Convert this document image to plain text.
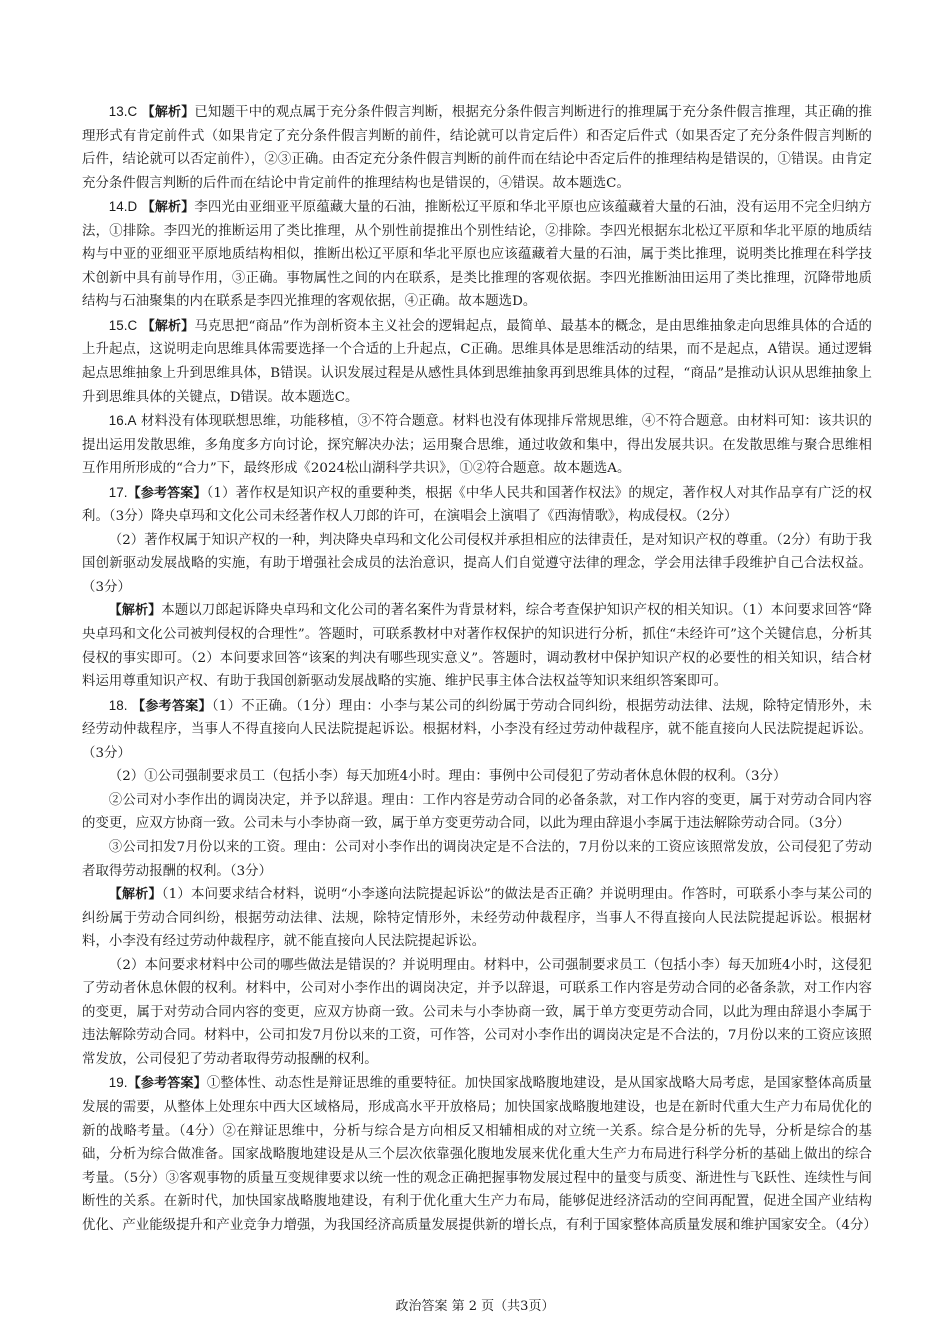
13.C 【解析】已知题干中的观点属于充分条件假言判断，根据充分条件假言判断进行的推理属于充分条件假言推理，其正确的推理形式有肯定前件式（如果肯定了充分条件假言判断的前件，结论就可以肯定后件）和否定后件式（如果否定了充分条件假言判断的后件，结论就可以否定前件），②③正确。由否定充分条件假言判断的前件而在结论中否定后件的推理结构是错误的，①错误。由肯定充分条件假言判断的后件而在结论中肯定前件的推理结构也是错误的，④错误。故本题选C。

14.D 【解析】李四光由亚细亚平原蕴藏大量的石油，推断松辽平原和华北平原也应该蕴藏着大量的石油，没有运用不完全归纳方法，①排除。李四光的推断运用了类比推理，从个别性前提推出个别性结论，②排除。李四光根据东北松辽平原和华北平原的地质结构与中亚的亚细亚平原地质结构相似，推断出松辽平原和华北平原也应该蕴藏着大量的石油，属于类比推理，说明类比推理在科学技术创新中具有前导作用，③正确。事物属性之间的内在联系，是类比推理的客观依据。李四光推断油田运用了类比推理，沉降带地质结构与石油聚集的内在联系是李四光推理的客观依据，④正确。故本题选D。

15.C 【解析】马克思把“商品”作为剖析资本主义社会的逻辑起点，最简单、最基本的概念，是由思维抽象走向思维具体的合适的上升起点，这说明走向思维具体需要选择一个合适的上升起点，C正确。思维具体是思维活动的结果，而不是起点，A错误。通过逻辑起点思维抽象上升到思维具体，B错误。认识发展过程是从感性具体到思维抽象再到思维具体的过程，“商品”是推动认识从思维抽象上升到思维具体的关键点，D错误。故本题选C。

16.A 材料没有体现联想思维，功能移植，③不符合题意。材料也没有体现排斥常规思维，④不符合题意。由材料可知：该共识的提出运用发散思维，多角度多方向讨论，探究解决办法；运用聚合思维，通过收敛和集中，得出发展共识。在发散思维与聚合思维相互作用所形成的“合力”下，最终形成《2024松山湖科学共识》，①②符合题意。故本题选A。

17.【参考答案】（1）著作权是知识产权的重要种类，根据《中华人民共和国著作权法》的规定，著作权人对其作品享有广泛的权利。（3分）降央卓玛和文化公司未经著作权人刀郎的许可，在演唱会上演唱了《西海情歌》，构成侵权。（2分）

（2）著作权属于知识产权的一种，判决降央卓玛和文化公司侵权并承担相应的法律责任，是对知识产权的尊重。（2分）有助于我国创新驱动发展战略的实施，有助于增强社会成员的法治意识，提高人们自觉遵守法律的理念，学会用法律手段维护自己合法权益。（3分）

【解析】本题以刀郎起诉降央卓玛和文化公司的著名案件为背景材料，综合考查保护知识产权的相关知识。（1）本问要求回答“降央卓玛和文化公司被判侵权的合理性”。答题时，可联系教材中对著作权保护的知识进行分析，抓住“未经许可”这个关键信息，分析其侵权的事实即可。（2）本问要求回答“该案的判决有哪些现实意义”。答题时，调动教材中保护知识产权的必要性的相关知识，结合材料运用尊重知识产权、有助于我国创新驱动发展战略的实施、维护民事主体合法权益等知识来组织答案即可。

18. 【参考答案】（1）不正确。（1分）理由：小李与某公司的纠纷属于劳动合同纠纷，根据劳动法律、法规，除特定情形外，未经劳动仲裁程序，当事人不得直接向人民法院提起诉讼。根据材料，小李没有经过劳动仲裁程序，就不能直接向人民法院提起诉讼。（3分）

（2）①公司强制要求员工（包括小李）每天加班4小时。理由：事例中公司侵犯了劳动者休息休假的权利。（3分）

②公司对小李作出的调岗决定，并予以辞退。理由：工作内容是劳动合同的必备条款，对工作内容的变更，属于对劳动合同内容的变更，应双方协商一致。公司未与小李协商一致，属于单方变更劳动合同，以此为理由辞退小李属于违法解除劳动合同。（3分）

③公司扣发7月份以来的工资。理由：公司对小李作出的调岗决定是不合法的，7月份以来的工资应该照常发放，公司侵犯了劳动者取得劳动报酬的权利。（3分）

【解析】（1）本问要求结合材料，说明“小李遂向法院提起诉讼”的做法是否正确？并说明理由。作答时，可联系小李与某公司的纠纷属于劳动合同纠纷，根据劳动法律、法规，除特定情形外，未经劳动仲裁程序，当事人不得直接向人民法院提起诉讼。根据材料，小李没有经过劳动仲裁程序，就不能直接向人民法院提起诉讼。

（2）本问要求材料中公司的哪些做法是错误的？并说明理由。材料中，公司强制要求员工（包括小李）每天加班4小时，这侵犯了劳动者休息休假的权利。材料中，公司对小李作出的调岗决定，并予以辞退，可联系工作内容是劳动合同的必备条款，对工作内容的变更，属于对劳动合同内容的变更，应双方协商一致。公司未与小李协商一致，属于单方变更劳动合同，以此为理由辞退小李属于违法解除劳动合同。材料中，公司扣发7月份以来的工资，可作答，公司对小李作出的调岗决定是不合法的，7月份以来的工资应该照常发放，公司侵犯了劳动者取得劳动报酬的权利。

19.【参考答案】①整体性、动态性是辩证思维的重要特征。加快国家战略腹地建设，是从国家战略大局考虑，是国家整体高质量发展的需要，从整体上处理东中西大区域格局，形成高水平开放格局；加快国家战略腹地建设，也是在新时代重大生产力布局优化的新的战略考量。（4分）②在辩证思维中，分析与综合是方向相反又相辅相成的对立统一关系。综合是分析的先导，分析是综合的基础，分析为综合做准备。国家战略腹地建设是从三个层次依靠强化腹地发展来优化重大生产力布局进行科学分析的基础上做出的综合考量。（5分）③客观事物的质量互变规律要求以统一性的观念正确把握事物发展过程中的量变与质变、渐进性与飞跃性、连续性与间断性的关系。在新时代，加快国家战略腹地建设，有利于优化重大生产力布局，能够促进经济活动的空间再配置，促进全国产业结构优化、产业能级提升和产业竞争力增强，为我国经济高质量发展提供新的增长点，有利于国家整体高质量发展和维护国家安全。（4分）

政治答案 第 2 页（共3页）
